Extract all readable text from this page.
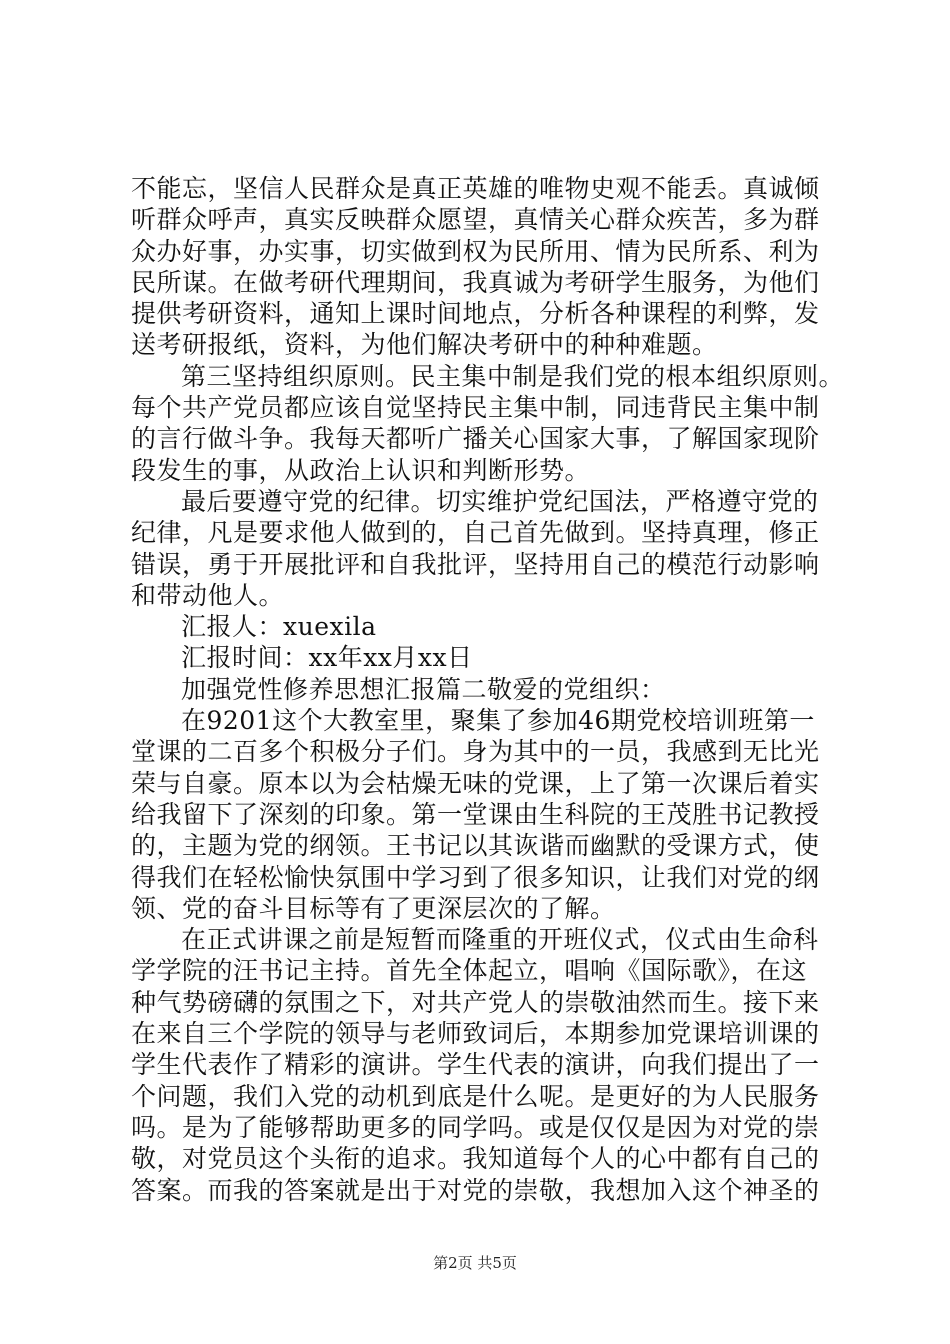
不能忘，坚信人民群众是真正英雄的唯物史观不能丢。真诚倾
听群众呼声，真实反映群众愿望，真情关心群众疾苦，多为群
众办好事，办实事，切实做到权为民所用、情为民所系、利为
民所谋。在做考研代理期间，我真诚为考研学生服务，为他们
提供考研资料，通知上课时间地点，分析各种课程的利弊，发
送考研报纸，资料，为他们解决考研中的种种难题。
第三坚持组织原则。民主集中制是我们党的根本组织原则。
每个共产党员都应该自觉坚持民主集中制，同违背民主集中制
的言行做斗争。我每天都听广播关心国家大事，了解国家现阶
段发生的事，从政治上认识和判断形势。
最后要遵守党的纪律。切实维护党纪国法，严格遵守党的
纪律，凡是要求他人做到的，自己首先做到。坚持真理，修正
错误，勇于开展批评和自我批评，坚持用自己的模范行动影响
和带动他人。
汇报人：xuexila
汇报时间：xx年xx月xx日
加强党性修养思想汇报篇二敬爱的党组织：
在9201这个大教室里，聚集了参加46期党校培训班第一
堂课的二百多个积极分子们。身为其中的一员，我感到无比光
荣与自豪。原本以为会枯燥无味的党课，上了第一次课后着实
给我留下了深刻的印象。第一堂课由生科院的王茂胜书记教授
的，主题为党的纲领。王书记以其诙谐而幽默的受课方式，使
得我们在轻松愉快氛围中学习到了很多知识，让我们对党的纲
领、党的奋斗目标等有了更深层次的了解。
在正式讲课之前是短暂而隆重的开班仪式，仪式由生命科
学学院的汪书记主持。首先全体起立，唱响《国际歌》，在这
种气势磅礴的氛围之下，对共产党人的崇敬油然而生。接下来
在来自三个学院的领导与老师致词后，本期参加党课培训课的
学生代表作了精彩的演讲。学生代表的演讲，向我们提出了一
个问题，我们入党的动机到底是什么呢。是更好的为人民服务
吗。是为了能够帮助更多的同学吗。或是仅仅是因为对党的崇
敬，对党员这个头衔的追求。我知道每个人的心中都有自己的
答案。而我的答案就是出于对党的崇敬，我想加入这个神圣的
第2页 共5页
